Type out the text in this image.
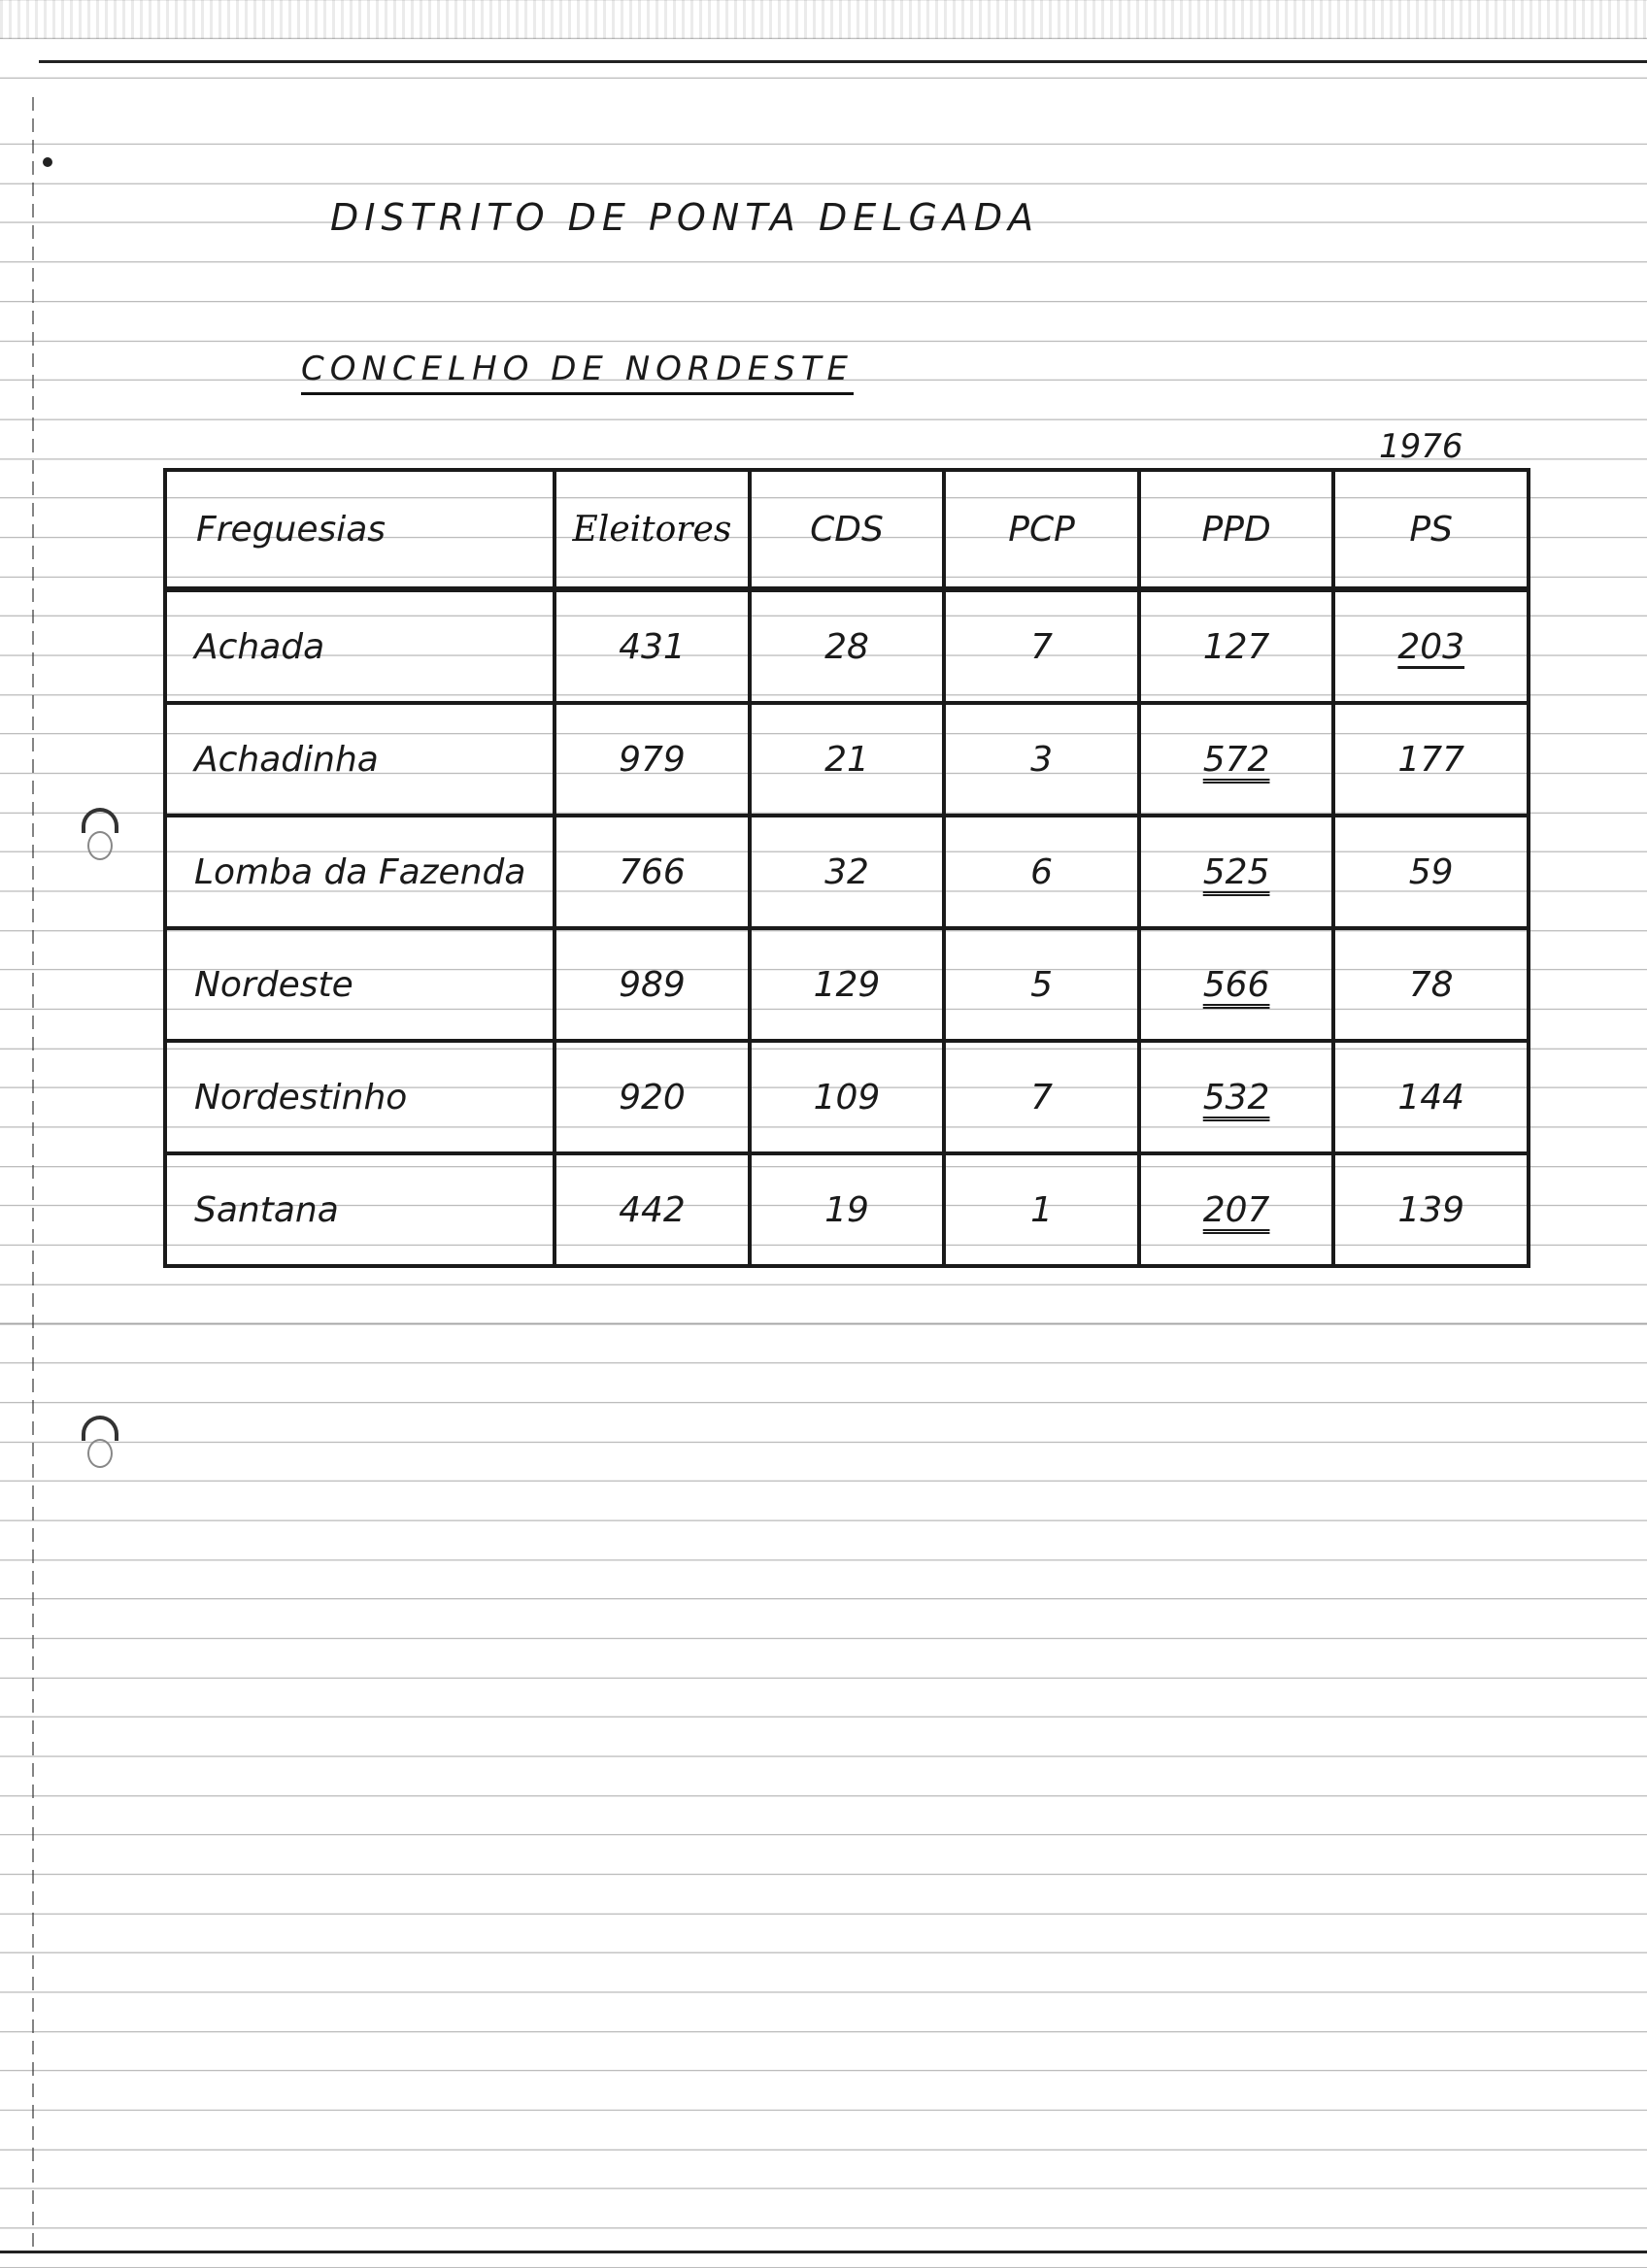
DISTRITO DE PONTA DELGADA
CONCELHO DE NORDESTE
1976
Freguesias	Eleitores	CDS	PCP	PPD	PS
Achada	431	28	7	127	203
Achadinha	979	21	3	572	177
Lomba da Fazenda	766	32	6	525	59
Nordeste	989	129	5	566	78
Nordestinho	920	109	7	532	144
Santana	442	19	1	207	139
